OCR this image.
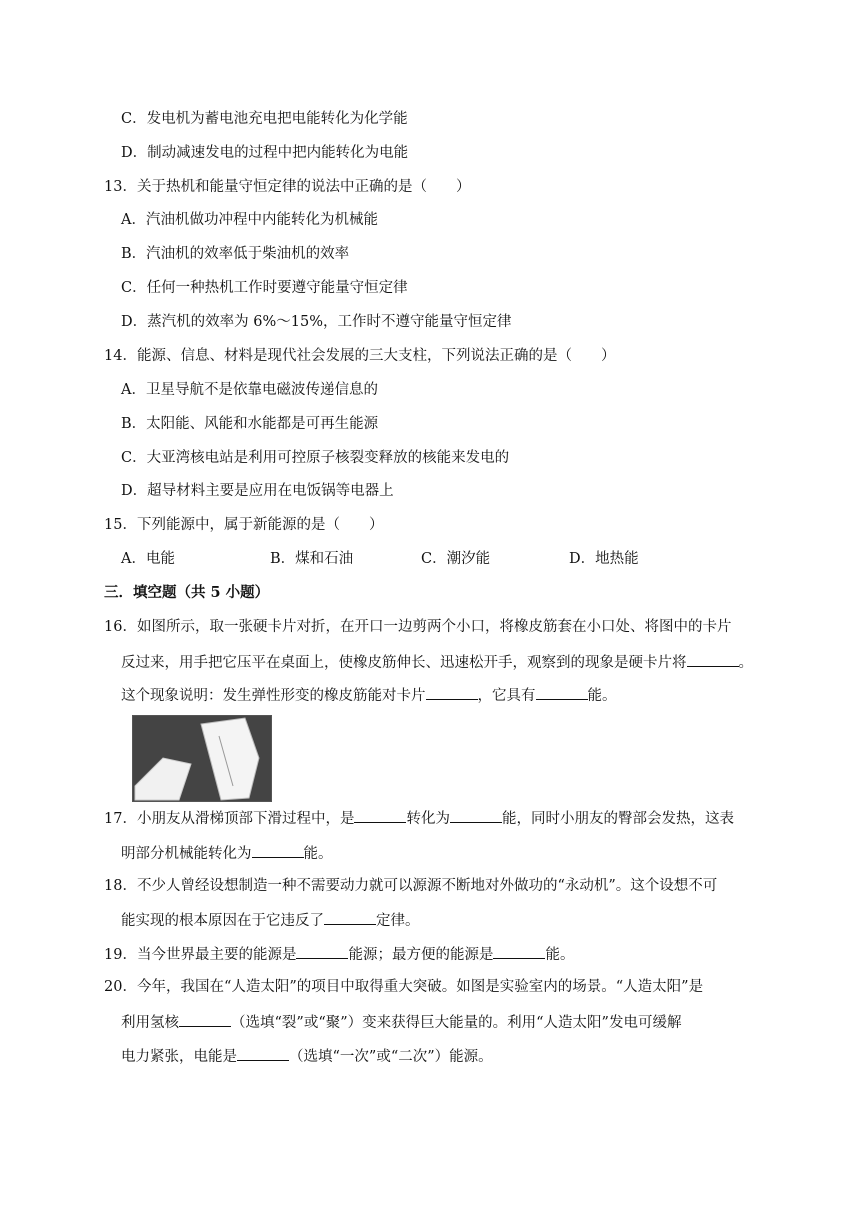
C．发电机为蓄电池充电把电能转化为化学能
D．制动减速发电的过程中把内能转化为电能
13．关于热机和能量守恒定律的说法中正确的是（　　）
A．汽油机做功冲程中内能转化为机械能
B．汽油机的效率低于柴油机的效率
C．任何一种热机工作时要遵守能量守恒定律
D．蒸汽机的效率为 6%～15%，工作时不遵守能量守恒定律
14．能源、信息、材料是现代社会发展的三大支柱，下列说法正确的是（　　）
A．卫星导航不是依靠电磁波传递信息的
B．太阳能、风能和水能都是可再生能源
C．大亚湾核电站是利用可控原子核裂变释放的核能来发电的
D．超导材料主要是应用在电饭锅等电器上
15．下列能源中，属于新能源的是（　　）
A．电能	B．煤和石油	C．潮汐能	D．地热能
三．填空题（共 5 小题）
16．如图所示，取一张硬卡片对折，在开口一边剪两个小口，将橡皮筋套在小口处、将图中的卡片
反过来，用手把它压平在桌面上，使橡皮筋伸长、迅速松开手，观察到的现象是硬卡片将	。
这个现象说明：发生弹性形变的橡皮筋能对卡片	，它具有	能。
17．小朋友从滑梯顶部下滑过程中，是	转化为	能，同时小朋友的臀部会发热，这表
明部分机械能转化为	能。
18．不少人曾经设想制造一种不需要动力就可以源源不断地对外做功的“永动机”。这个设想不可
能实现的根本原因在于它违反了	定律。
19．当今世界最主要的能源是	能源；最方便的能源是	能。
20．今年，我国在“人造太阳”的项目中取得重大突破。如图是实验室内的场景。“人造太阳”是
利用氢核	（选填“裂”或“聚”）变来获得巨大能量的。利用“人造太阳”发电可缓解
电力紧张，电能是	（选填“一次”或“二次”）能源。
